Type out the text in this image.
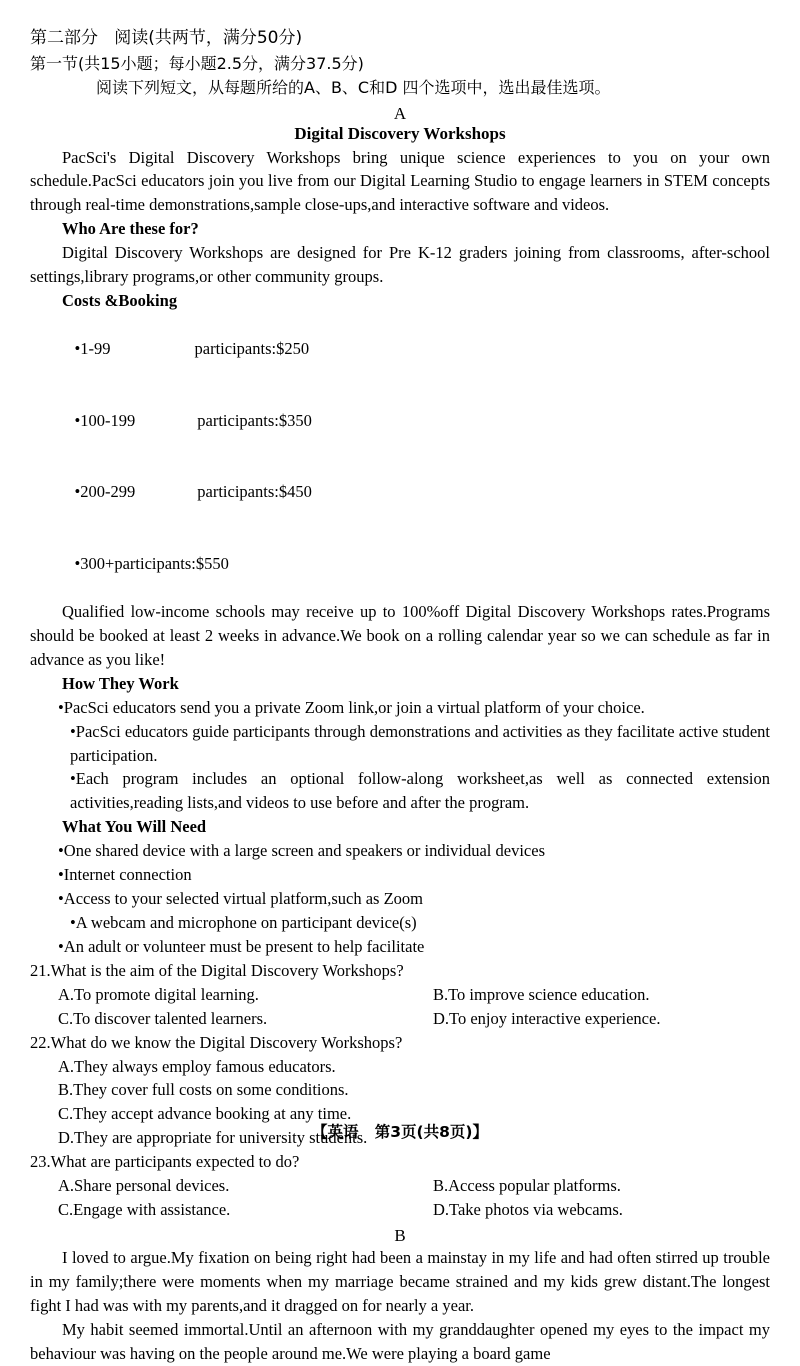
第二部分   阅读(共两节，满分50分)
第一节(共15小题；每小题2.5分，满分37.5分)
阅读下列短文，从每题所给的A、B、C和D 四个选项中，选出最佳选项。
A
Digital Discovery Workshops

PacSci's Digital Discovery Workshops bring unique science experiences to you on your own schedule.PacSci educators join you live from our Digital Learning Studio to engage learners in STEM concepts through real-time demonstrations,sample close-ups,and interactive software and videos.

Who Are these for?

Digital Discovery Workshops are designed for Pre K-12 graders joining from classrooms, after-school settings,library programs,or other community groups.

Costs &Booking

•1-99	participants:$250

•100-199	participants:$350

•200-299	participants:$450

•300+participants:$550

Qualified low-income schools may receive up to 100%off Digital Discovery Workshops rates.Programs should be booked at least 2 weeks in advance.We book on a rolling calendar year so we can schedule as far in advance as you like!

How They Work

•PacSci educators send you a private Zoom link,or join a virtual platform of your choice.

•PacSci educators guide participants through demonstrations and activities as they facilitate active student participation.

•Each program includes an optional follow-along worksheet,as well as connected extension activities,reading lists,and videos to use before and after the program.

What You Will Need

•One shared device with a large screen and speakers or individual devices

•Internet connection

•Access to your selected virtual platform,such as Zoom

•A webcam and microphone on participant device(s)

•An adult or volunteer must be present to help facilitate

21.What is the aim of the Digital Discovery Workshops?

A.To promote digital learning.	B.To improve science education.
C.To discover talented learners.	D.To enjoy interactive experience.

22.What do we know the Digital Discovery Workshops?

A.They always employ famous educators.

B.They cover full costs on some conditions.

C.They accept advance booking at any time.

D.They are appropriate for university students.

23.What are participants expected to do?

A.Share personal devices.	B.Access popular platforms.
C.Engage with assistance.	D.Take photos via webcams.
B

I loved to argue.My fixation on being right had been a mainstay in my life and had often stirred up trouble in my family;there were moments when my marriage became strained and my kids grew distant.The longest fight I had was with my parents,and it dragged on for nearly a year.

My habit seemed immortal.Until an afternoon with my granddaughter opened my eyes to the impact my behaviour was having on the people around me.We were playing a board game

【英语   第3页(共8页)】
